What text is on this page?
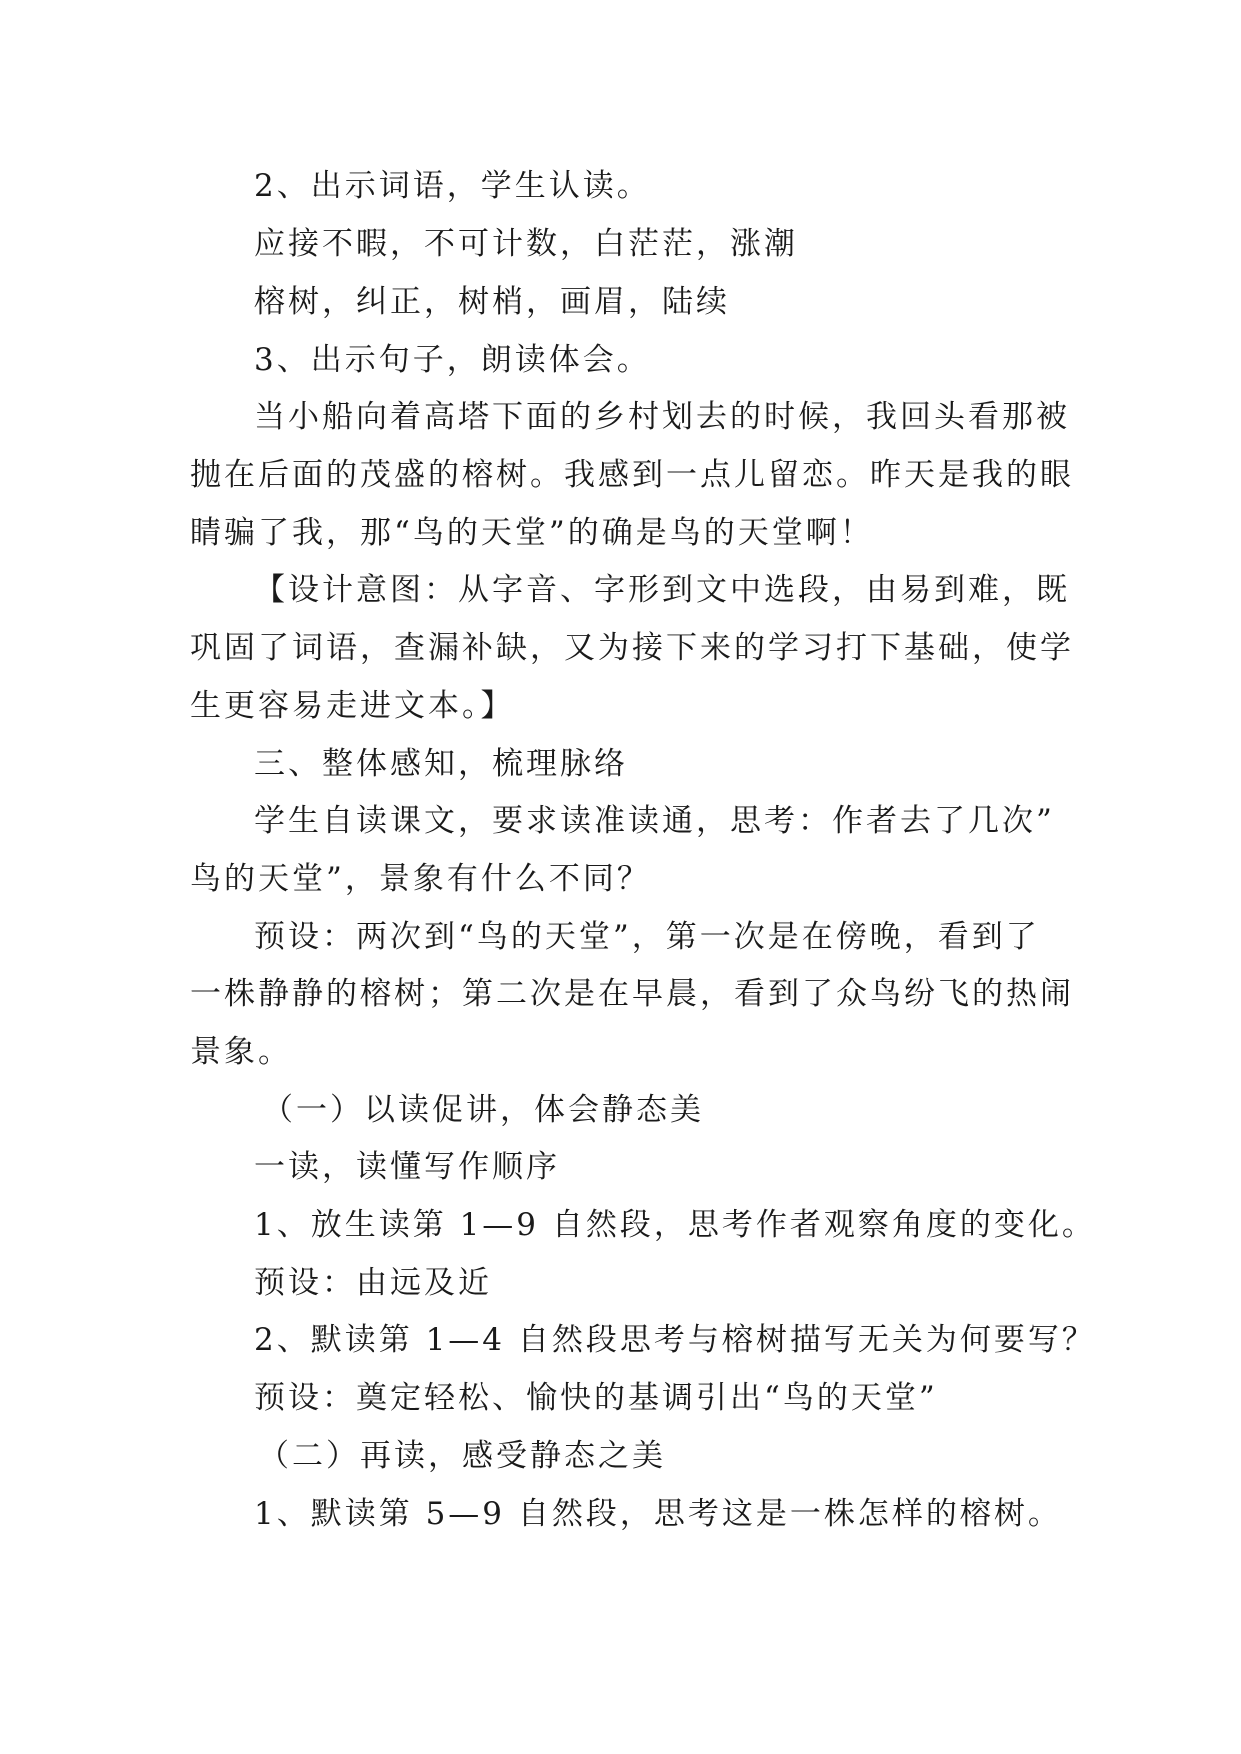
2、出示词语，学生认读。
应接不暇，不可计数，白茫茫，涨潮
榕树，纠正，树梢，画眉，陆续
3、出示句子，朗读体会。
当小船向着高塔下面的乡村划去的时候，我回头看那被
抛在后面的茂盛的榕树。我感到一点儿留恋。昨天是我的眼
睛骗了我，那“鸟的天堂”的确是鸟的天堂啊！
【设计意图：从字音、字形到文中选段，由易到难，既
巩固了词语，查漏补缺，又为接下来的学习打下基础，使学
生更容易走进文本。】
三、整体感知，梳理脉络
学生自读课文，要求读准读通，思考：作者去了几次”
鸟的天堂”，景象有什么不同？
预设：两次到“鸟的天堂”，第一次是在傍晚，看到了
一株静静的榕树；第二次是在早晨，看到了众鸟纷飞的热闹
景象。
（一）以读促讲，体会静态美
一读，读懂写作顺序
1、放生读第 1—9 自然段，思考作者观察角度的变化。
预设：由远及近
2、默读第 1—4 自然段思考与榕树描写无关为何要写？
预设：奠定轻松、愉快的基调引出“鸟的天堂”
（二）再读，感受静态之美
1、默读第 5—9 自然段，思考这是一株怎样的榕树。
